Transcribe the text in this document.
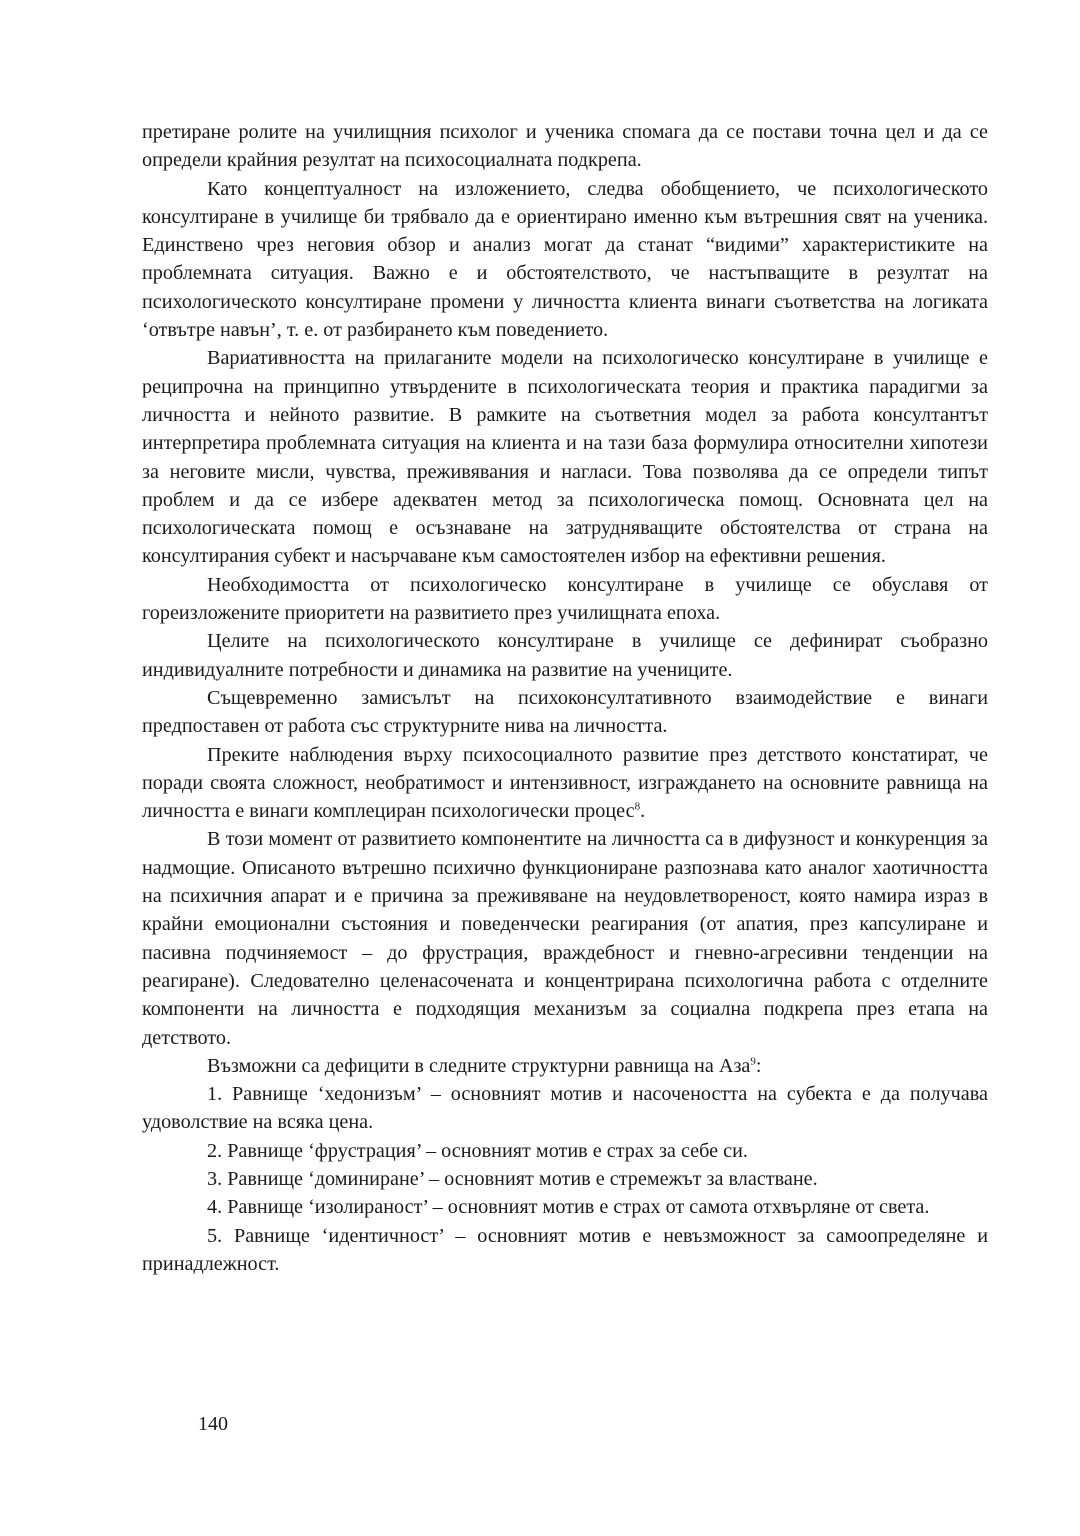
претиране ролите на училищния психолог и ученика спомага да се постави точна цел и да се определи крайния резултат на психосоциалната подкрепа.

Като концептуалност на изложението, следва обобщението, че психологическото консултиране в училище би трябвало да е ориентирано именно към вътрешния свят на ученика. Единствено чрез неговия обзор и анализ могат да станат “видими” характеристиките на проблемната ситуация. Важно е и обстоятелството, че настъпващите в резултат на психологическото консултиране промени у личността клиента винаги съответства на логиката ‘отвътре навън’, т. е. от разбирането към поведението.

Вариативността на прилаганите модели на психологическо консултиране в училище е реципрочна на принципно утвърдените в психологическата теория и практика парадигми за личността и нейното развитие. В рамките на съответния модел за работа консултантът интерпретира проблемната ситуация на клиента и на тази база формулира относителни хипотези за неговите мисли, чувства, преживявания и нагласи. Това позволява да се определи типът проблем и да се избере адекватен метод за психологическа помощ. Основната цел на психологическата помощ е осъзнаване на затрудняващите обстоятелства от страна на консултирания субект и насърчаване към самостоятелен избор на ефективни решения.

Необходимостта от психологическо консултиране в училище се обуславя от гореизложените приоритети на развитието през училищната епоха.

Целите на психологическото консултиране в училище се дефинират съобразно индивидуалните потребности и динамика на развитие на учениците.

Същевременно замисълът на психоконсултативното взаимодействие е винаги предпоставен от работа със структурните нива на личността.

Преките наблюдения върху психосоциалното развитие през детството констатират, че поради своята сложност, необратимост и интензивност, изграждането на основните равнища на личността е винаги комплециран психологически процес$^8$.

В този момент от развитието компонентите на личността са в дифузност и конкуренция за надмощие. Описаното вътрешно психично функциониране разпознава като аналог хаотичността на психичния апарат и е причина за преживяване на неудовлетвореност, която намира израз в крайни емоционални състояния и поведенчески реагирания (от апатия, през капсулиране и пасивна подчиняемост – до фрустрация, враждебност и гневно-агресивни тенденции на реагиране). Следователно целенасочената и концентрирана психологична работа с отделните компоненти на личността е подходящия механизъм за социална подкрепа през етапа на детството.

Възможни са дефицити в следните структурни равнища на Аза$^9$:

1. Равнище ‘хедонизъм’ – основният мотив и насочеността на субекта е да получава удоволствие на всяка цена.

2. Равнище ‘фрустрация’ – основният мотив е страх за себе си.

3. Равнище ‘доминиране’ – основният мотив е стремежът за властване.

4. Равнище ‘изолираност’ – основният мотив е страх от самота отхвърляне от света.

5. Равнище ‘идентичност’ – основният мотив е невъзможност за самоопределяне и принадлежност.

140
